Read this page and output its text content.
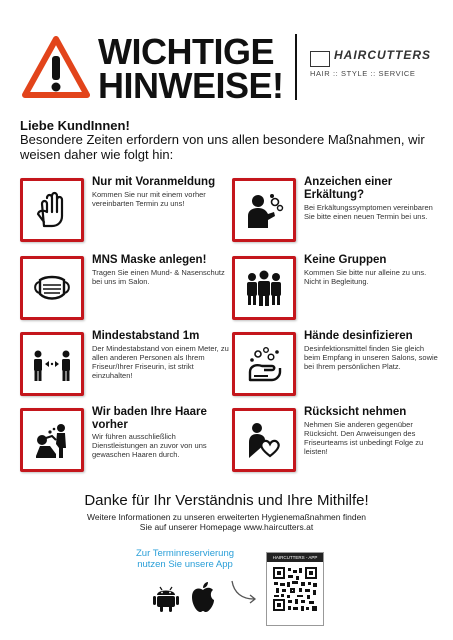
WICHTIGE
HINWEISE!
HAIRCUTTERS
HAIR :: STYLE :: SERVICE
Liebe KundInnen!
Besondere Zeiten erfordern von uns allen besondere Maßnahmen, wir weisen daher wie folgt hin:
Nur mit Voranmeldung
Kommen Sie nur mit einem vorher vereinbarten Termin zu uns!
Anzeichen einer Erkältung?
Bei Erkältungssymptomen vereinbaren Sie bitte einen neuen Termin bei uns.
MNS Maske anlegen!
Tragen Sie einen Mund- & Nasenschutz bei uns im Salon.
Keine Gruppen
Kommen Sie bitte nur alleine zu uns. Nicht in Begleitung.
Mindestabstand 1m
Der Mindestabstand von einem Meter, zu allen anderen Personen als Ihrem Friseur/Ihrer Friseurin, ist strikt einzuhalten!
Hände desinfizieren
Desinfektionsmittel finden Sie gleich beim Empfang in unseren Salons, sowie bei Ihrem persönlichen Platz.
Wir baden Ihre Haare vorher
Wir führen ausschließlich Dienstleistungen an zuvor von uns gewaschen Haaren durch.
Rücksicht nehmen
Nehmen Sie anderen gegenüber Rücksicht. Den Anweisungen des Friseurteams ist unbedingt Folge zu leisten!
Danke für Ihr Verständnis und Ihre Mithilfe!
Weitere Informationen zu unseren erweiterten Hygienemaßnahmen finden
Sie auf unserer Homepage www.haircutters.at
Zur Terminreservierung
nutzen Sie unsere App
HAIRCUTTERS - APP
